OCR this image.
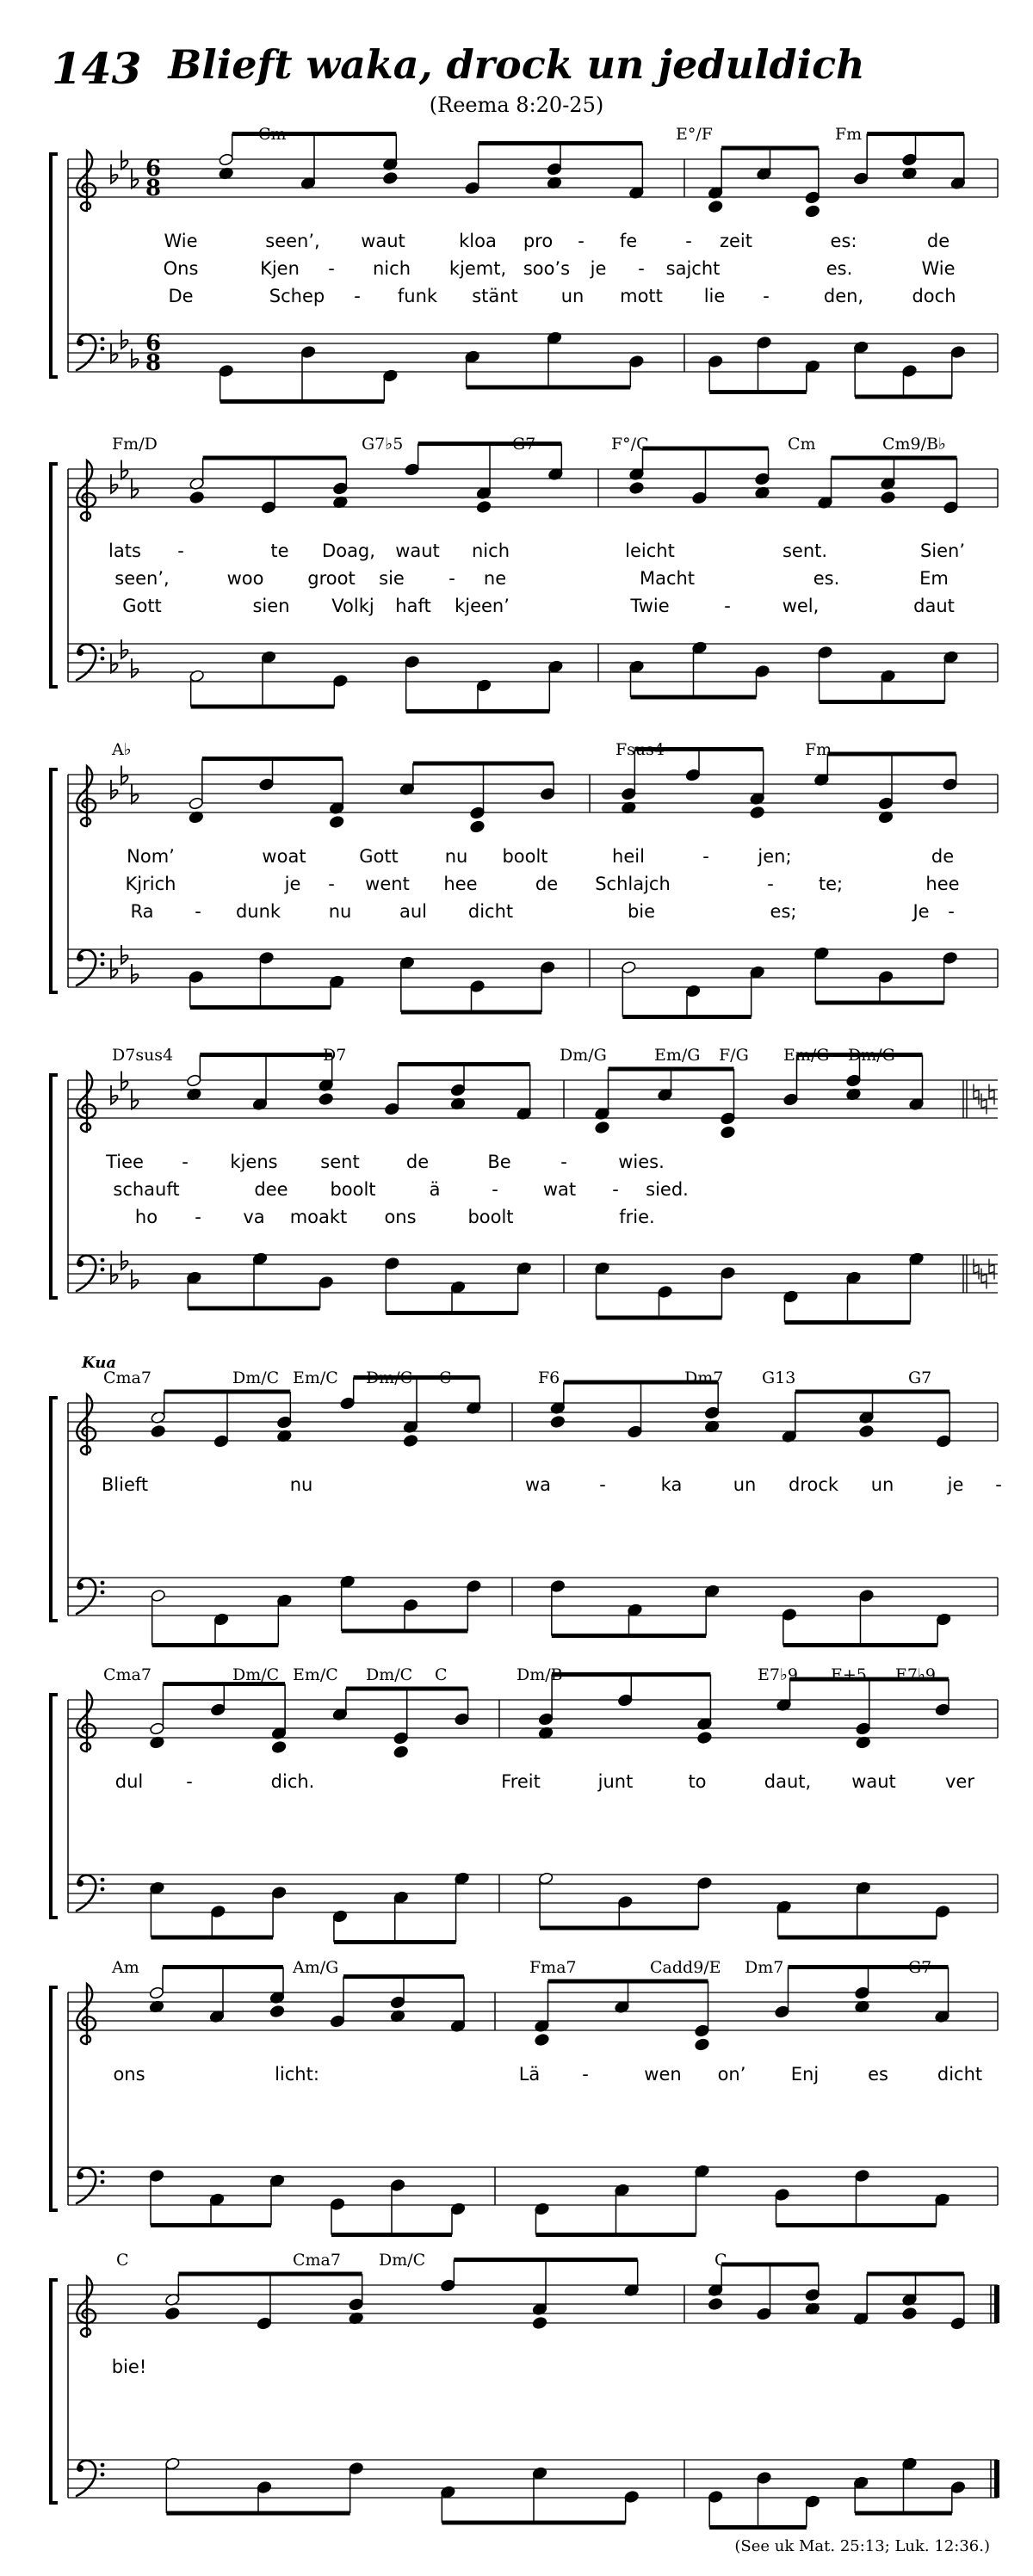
143 Blieft waka, drock un jeduldich
(Reema 8:20-25)
6
8
6
8
Cm	E°/F	Fm
Wie	seen’, waut	kloa pro - fe	- zeit	es:	de
Ons	Kjen - nich kjemt, soo’s je - sajcht	es.	Wie
De	Schep - funk stänt un mott lie -	den,	doch
Fm/D	G7♭5	G7	F°/C	Cm	Cm9/B♭
lats -	te Doag, waut nich	leicht	sent.	Sien’
seen’,	woo groot sie - ne	Macht	es.	Em
Gott	sien Volkj haft kjeen’	Twie	-	wel,	daut
A♭	Fsus4	Fm
Nom’	woat	Gott	nu boolt	heil	-	jen;	de
Kjrich	je - went hee	de Schlajch	- te;	hee
Ra - dunk	nu	aul dicht	bie	es;	Je -
D7sus4	D7	Dm/G	Em/G F/G Em/G Dm/G
Tiee - kjens sent	de	Be	-	wies.
schauft	dee boolt	ä	- wat - sied.
ho - va moakt ons	boolt	frie.
Kua
Cma7	Dm/C Em/C Dm/C C	F6	Dm7 G13	G7
Blieft	nu	wa	-	ka	un drock un	je -
Cma7	Dm/C Em/C Dm/C C	Dm/B	E7♭9 E+5 E7♭9
dul -	dich.	Freit	junt	to	daut, waut	ver
Am	Am/G	Fma7	Cadd9/E Dm7	G7
ons	licht:	Lä -	wen on’ Enj	es	dicht
C	Cma7 Dm/C	C
bie!
(See uk Mat. 25:13; Luk. 12:36.)
